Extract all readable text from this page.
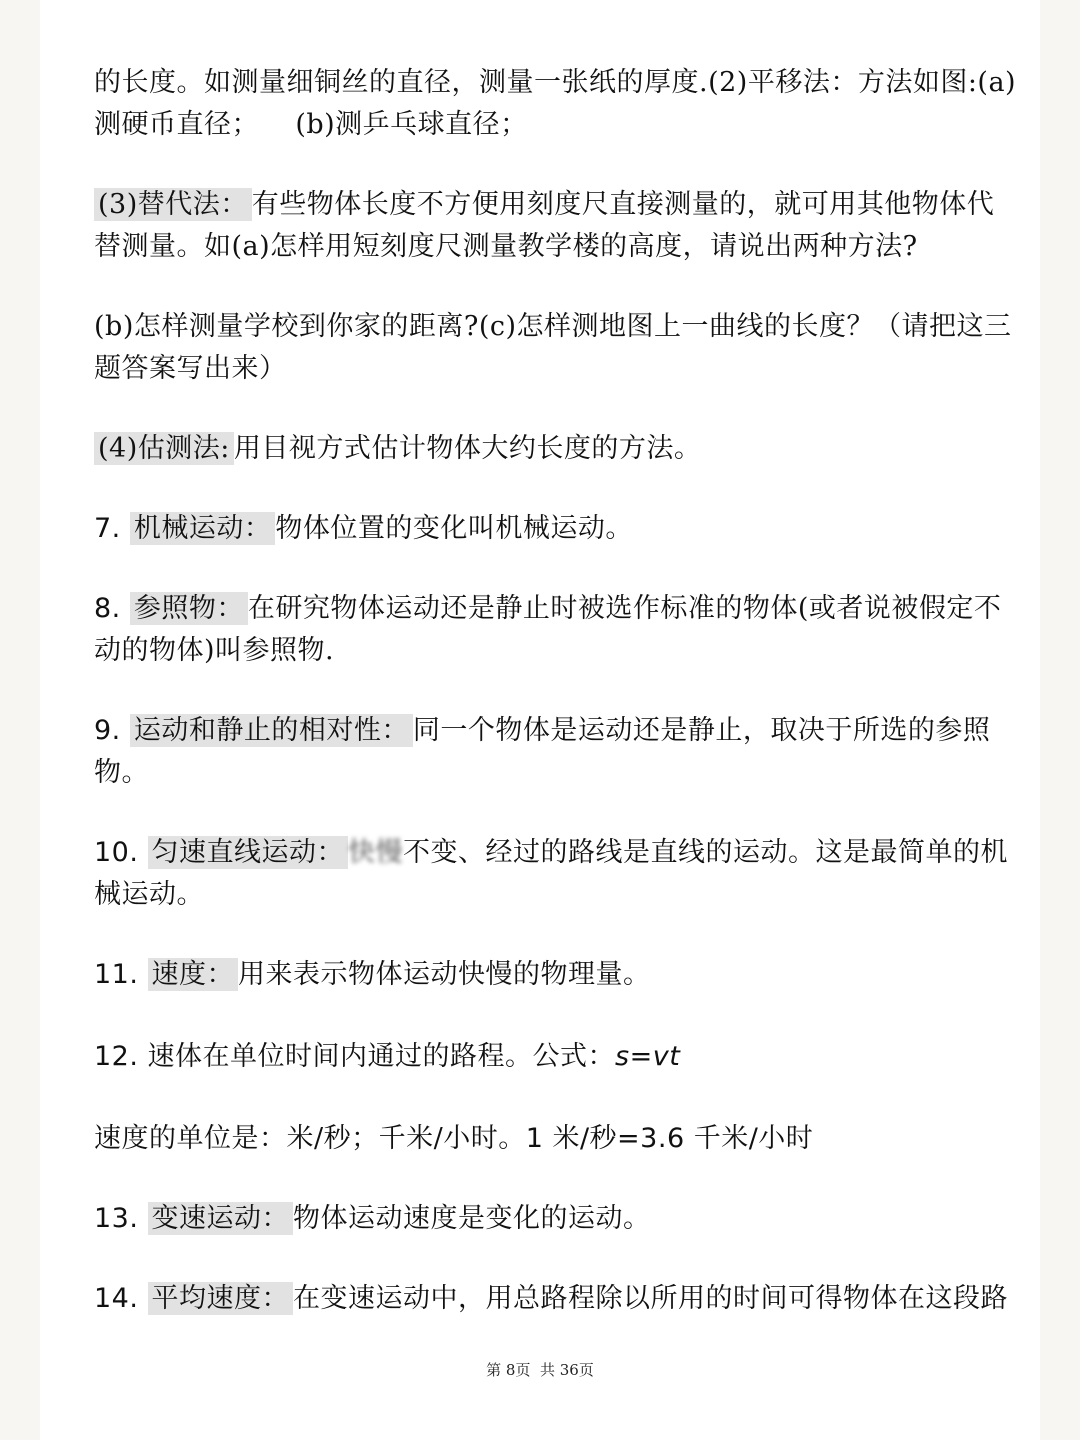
的长度。如测量细铜丝的直径，测量一张纸的厚度.(2)平移法：方法如图:(a)
测硬币直径；    (b)测乒乓球直径；
(3)替代法： 有些物体长度不方便用刻度尺直接测量的，就可用其他物体代
替测量。如(a)怎样用短刻度尺测量教学楼的高度，请说出两种方法?
(b)怎样测量学校到你家的距离?(c)怎样测地图上一曲线的长度？（请把这三
题答案写出来）
(4)估测法: 用目视方式估计物体大约长度的方法。
7. 机械运动： 物体位置的变化叫机械运动。
8. 参照物： 在研究物体运动还是静止时被选作标准的物体(或者说被假定不
动的物体)叫参照物.
9. 运动和静止的相对性： 同一个物体是运动还是静止，取决于所选的参照
物。
10. 匀速直线运动： 快慢不变、经过的路线是直线的运动。这是最简单的机
械运动。
11. 速度： 用来表示物体运动快慢的物理量。
12. 速体在单位时间内通过的路程。公式：s=vt
速度的单位是：米/秒；千米/小时。1 米/秒=3.6 千米/小时
13. 变速运动： 物体运动速度是变化的运动。
14. 平均速度： 在变速运动中，用总路程除以所用的时间可得物体在这段路
第 8页  共 36页
